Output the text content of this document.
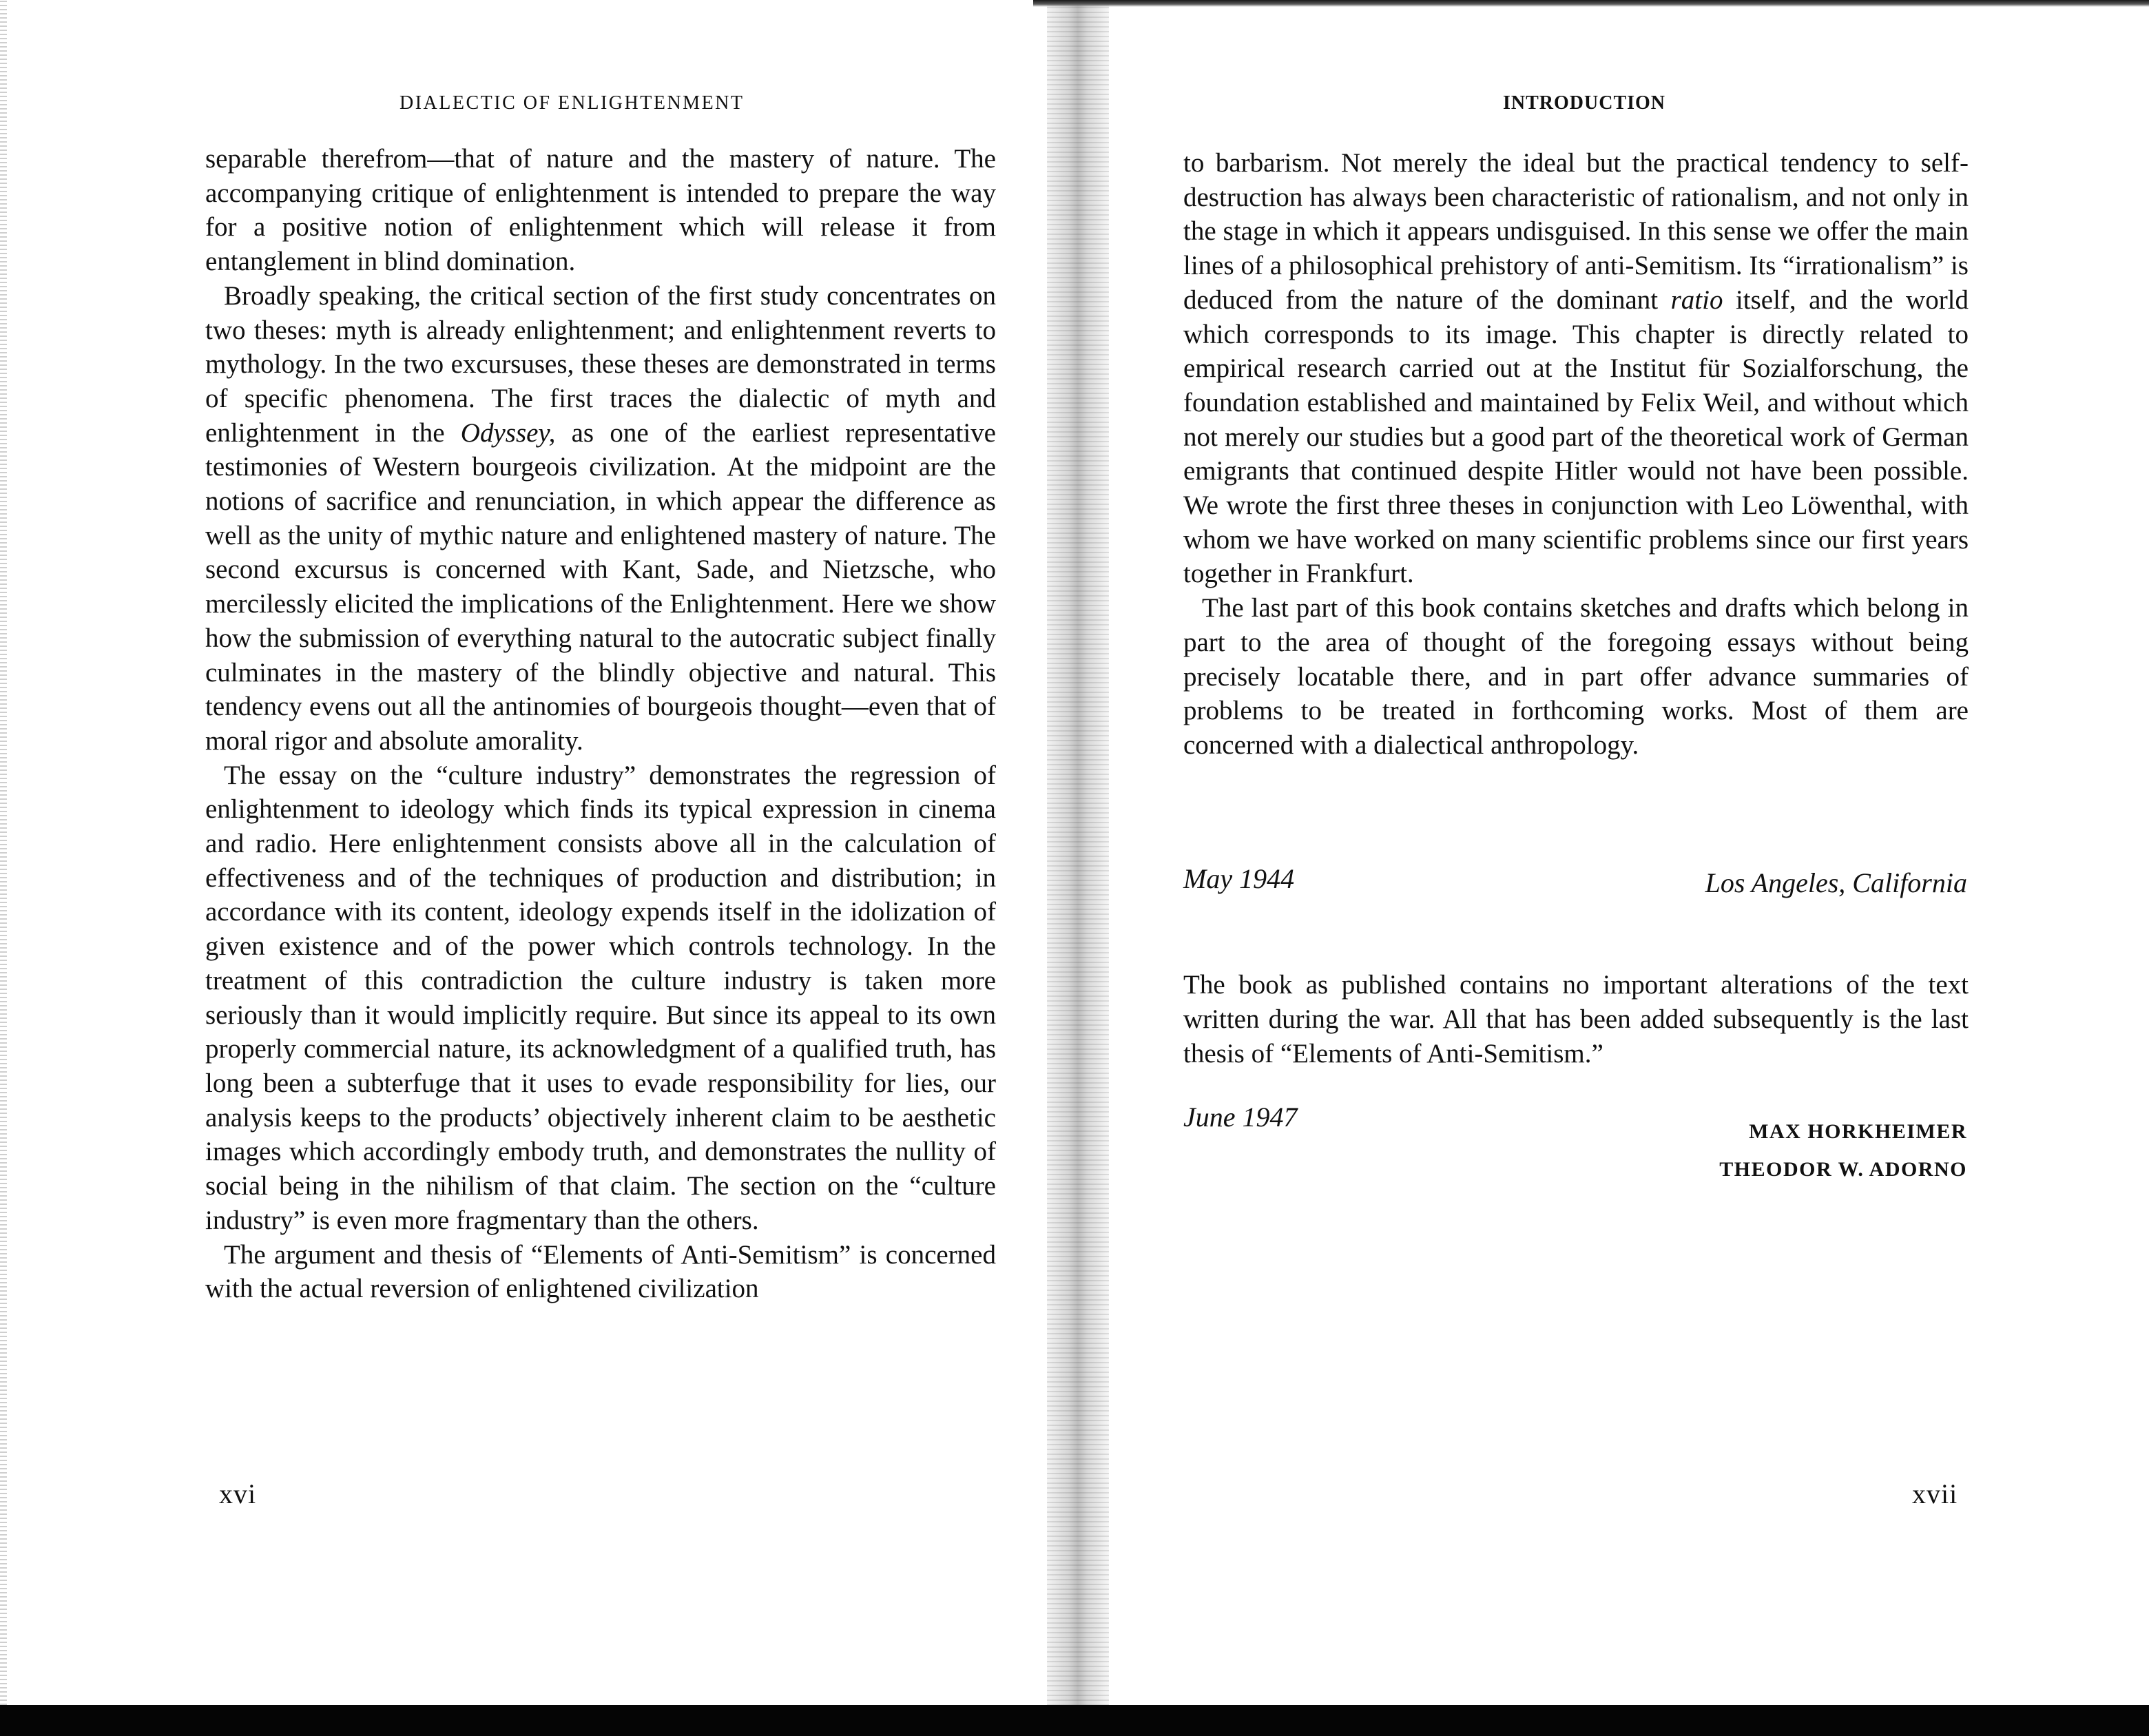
DIALECTIC OF ENLIGHTENMENT

separable therefrom—that of nature and the mastery of nature. The accompanying critique of enlightenment is intended to prepare the way for a positive notion of enlightenment which will release it from entanglement in blind domination.

Broadly speaking, the critical section of the first study concentrates on two theses: myth is already enlightenment; and enlightenment reverts to mythology. In the two excursuses, these theses are demonstrated in terms of specific phenomena. The first traces the dialectic of myth and enlightenment in the Odyssey, as one of the earliest representative testimonies of Western bourgeois civilization. At the midpoint are the notions of sacrifice and renunciation, in which appear the difference as well as the unity of mythic nature and enlightened mastery of nature. The second excursus is concerned with Kant, Sade, and Nietzsche, who mercilessly elicited the implications of the Enlightenment. Here we show how the submission of everything natural to the autocratic subject finally culminates in the mastery of the blindly objective and natural. This tendency evens out all the antinomies of bourgeois thought—even that of moral rigor and absolute amorality.

The essay on the “culture industry” demonstrates the regression of enlightenment to ideology which finds its typical expression in cinema and radio. Here enlightenment consists above all in the calculation of effectiveness and of the techniques of production and distribution; in accordance with its content, ideology expends itself in the idolization of given existence and of the power which controls technology. In the treatment of this contradiction the culture industry is taken more seriously than it would implicitly require. But since its appeal to its own properly commercial nature, its acknowledgment of a qualified truth, has long been a subterfuge that it uses to evade responsibility for lies, our analysis keeps to the products’ objectively inherent claim to be aesthetic images which accordingly embody truth, and demonstrates the nullity of social being in the nihilism of that claim. The section on the “culture industry” is even more fragmentary than the others.

The argument and thesis of “Elements of Anti-Semitism” is concerned with the actual reversion of enlightened civilization

xvi
INTRODUCTION

to barbarism. Not merely the ideal but the practical tendency to self-destruction has always been characteristic of rationalism, and not only in the stage in which it appears undisguised. In this sense we offer the main lines of a philosophical prehistory of anti-Semitism. Its “irrationalism” is deduced from the nature of the dominant ratio itself, and the world which corresponds to its image. This chapter is directly related to empirical research carried out at the Institut für Sozialforschung, the foundation established and maintained by Felix Weil, and without which not merely our studies but a good part of the theoretical work of German emigrants that continued despite Hitler would not have been possible. We wrote the first three theses in conjunction with Leo Löwenthal, with whom we have worked on many scientific problems since our first years together in Frankfurt.

The last part of this book contains sketches and drafts which belong in part to the area of thought of the foregoing essays without being precisely locatable there, and in part offer advance summaries of problems to be treated in forthcoming works. Most of them are concerned with a dialectical anthropology.

May 1944	Los Angeles, California

The book as published contains no important alterations of the text written during the war. All that has been added subsequently is the last thesis of “Elements of Anti-Semitism.”

June 1947	MAX HORKHEIMER
THEODOR W. ADORNO
xvii
